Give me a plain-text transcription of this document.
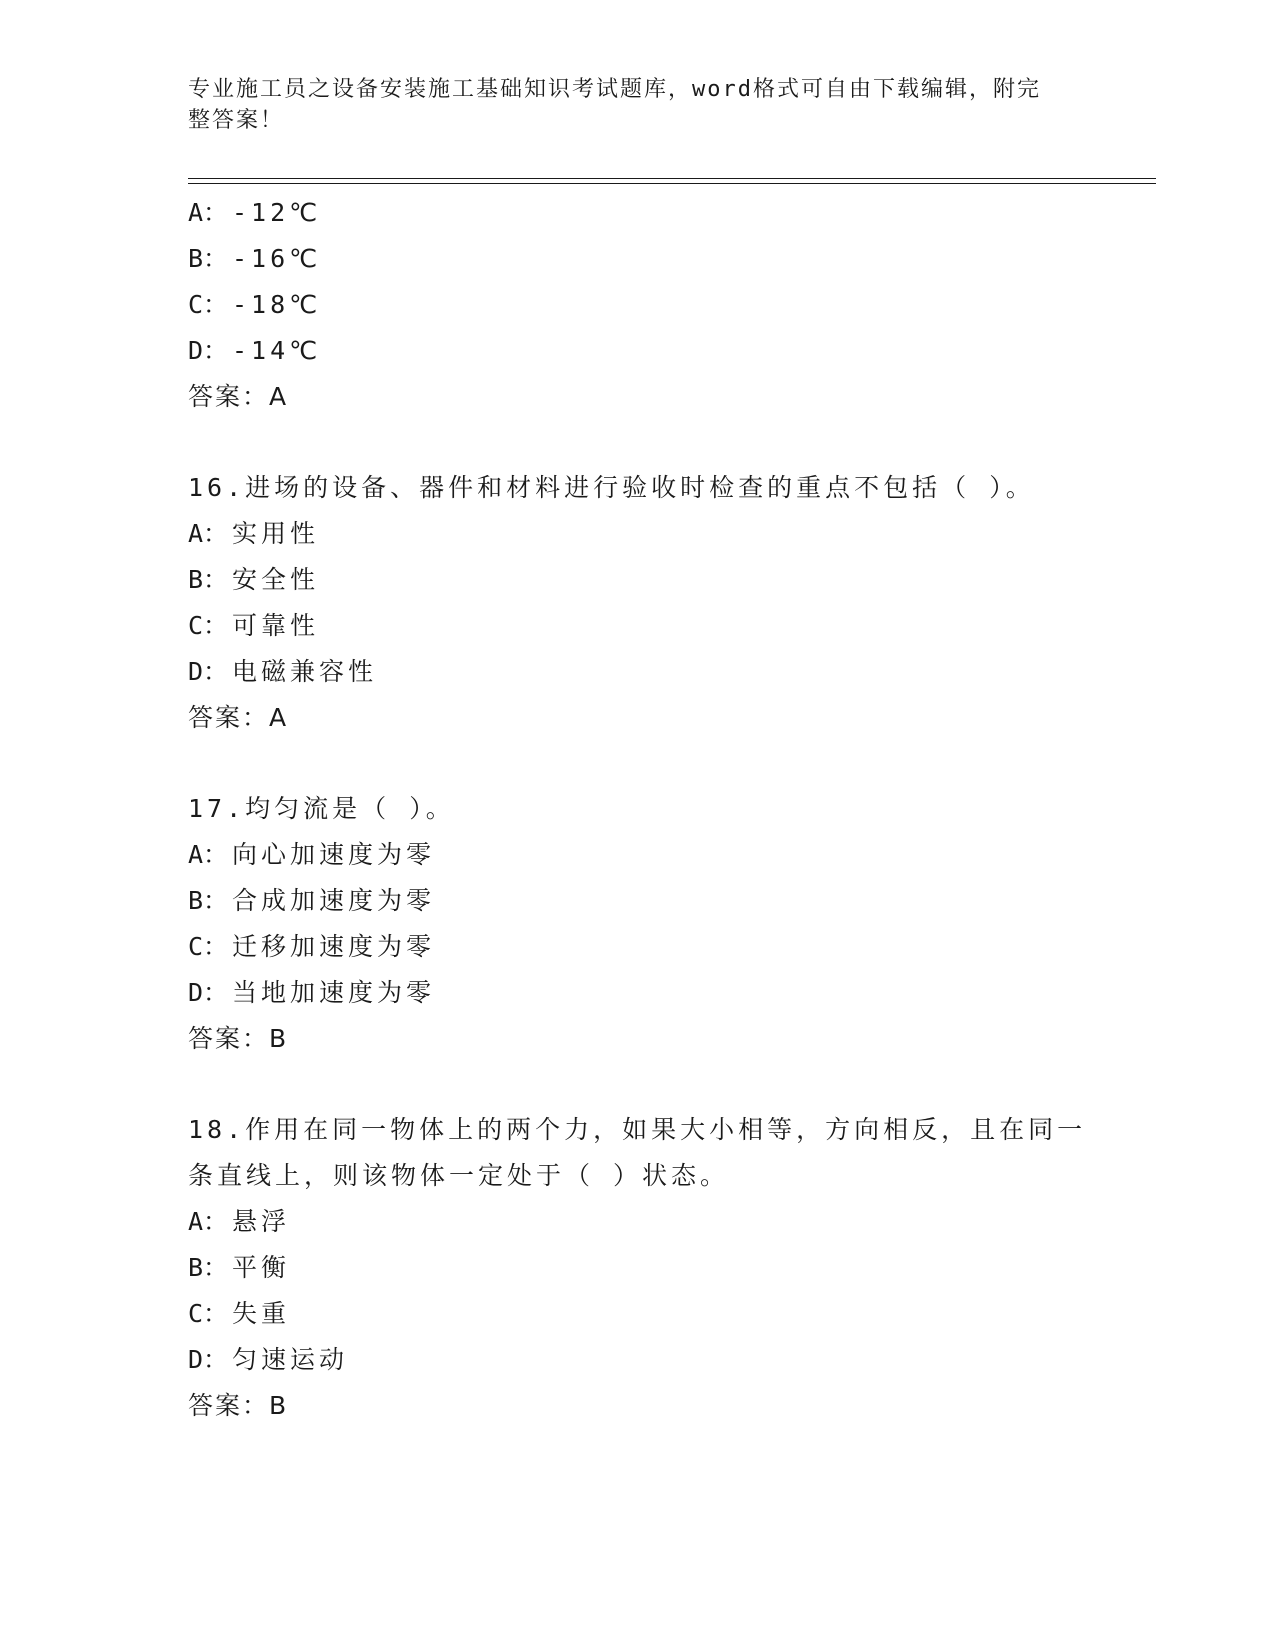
专业施工员之设备安装施工基础知识考试题库，word格式可自由下载编辑，附完
整答案！
A： -12℃
B： -16℃
C： -18℃
D： -14℃
答案：A
16.进场的设备、器件和材料进行验收时检查的重点不包括（ ）。
A： 实用性
B： 安全性
C： 可靠性
D： 电磁兼容性
答案：A
17.均匀流是（ ）。
A： 向心加速度为零
B： 合成加速度为零
C： 迁移加速度为零
D： 当地加速度为零
答案：B
18.作用在同一物体上的两个力，如果大小相等，方向相反，且在同一
条直线上，则该物体一定处于（ ）状态。
A： 悬浮
B： 平衡
C： 失重
D： 匀速运动
答案：B
